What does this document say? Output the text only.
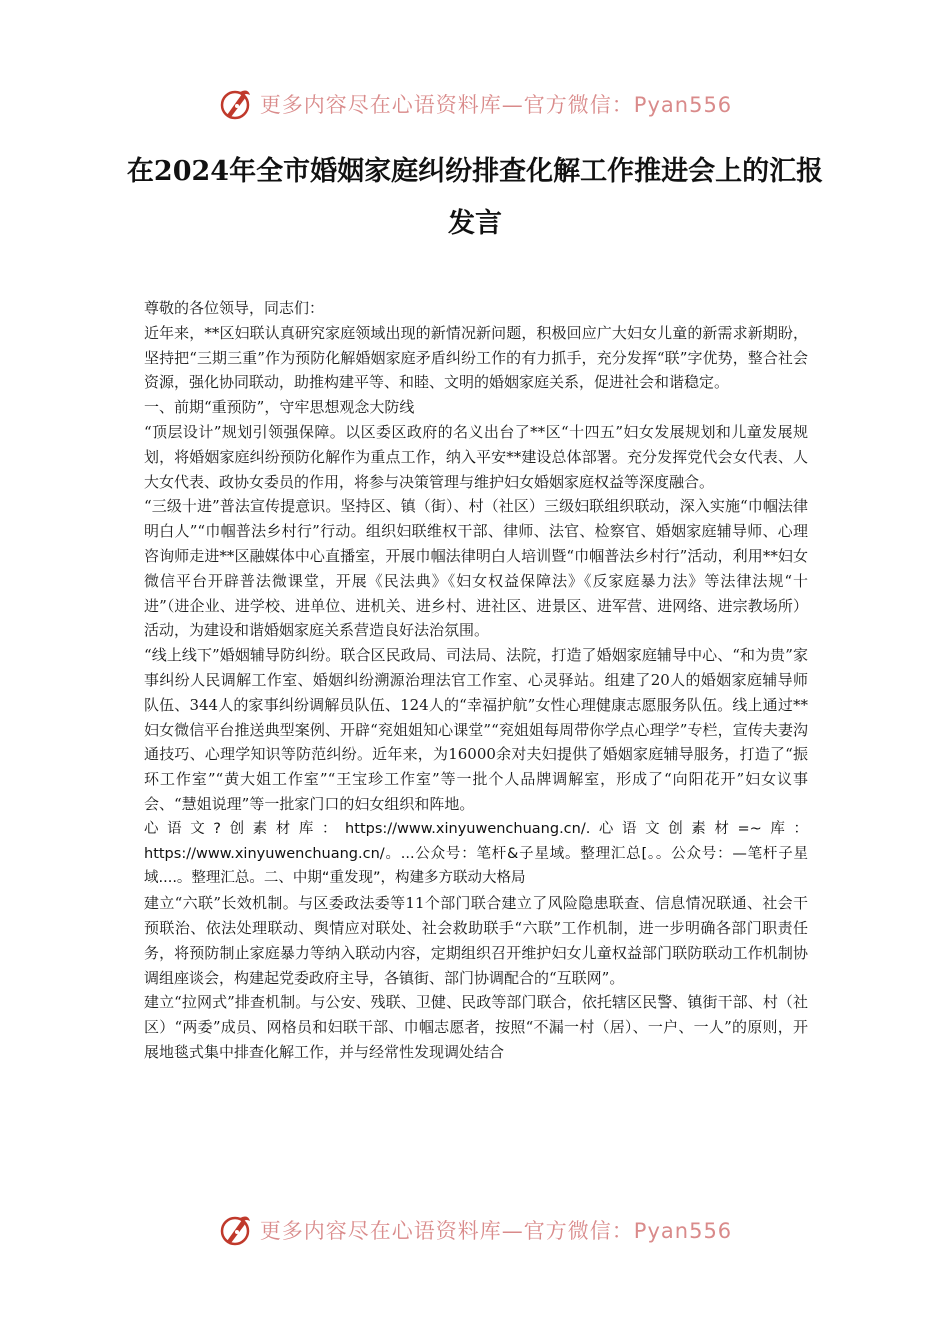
更多内容尽在心语资料库—官方微信：Pyan556
在2024年全市婚姻家庭纠纷排查化解工作推进会上的汇报发言

尊敬的各位领导，同志们：

近年来，**区妇联认真研究家庭领域出现的新情况新问题，积极回应广大妇女儿童的新需求新期盼，坚持把“三期三重”作为预防化解婚姻家庭矛盾纠纷工作的有力抓手，充分发挥“联”字优势，整合社会资源，强化协同联动，助推构建平等、和睦、文明的婚姻家庭关系，促进社会和谐稳定。

一、前期“重预防”，守牢思想观念大防线

“顶层设计”规划引领强保障。以区委区政府的名义出台了**区“十四五”妇女发展规划和儿童发展规划，将婚姻家庭纠纷预防化解作为重点工作，纳入平安**建设总体部署。充分发挥党代会女代表、人大女代表、政协女委员的作用，将参与决策管理与维护妇女婚姻家庭权益等深度融合。

“三级十进”普法宣传提意识。坚持区、镇（街）、村（社区）三级妇联组织联动，深入实施“巾帼法律明白人”“巾帼普法乡村行”行动。组织妇联维权干部、律师、法官、检察官、婚姻家庭辅导师、心理咨询师走进**区融媒体中心直播室，开展巾帼法律明白人培训暨“巾帼普法乡村行”活动，利用**妇女微信平台开辟普法微课堂，开展《民法典》《妇女权益保障法》《反家庭暴力法》等法律法规“十进”（进企业、进学校、进单位、进机关、进乡村、进社区、进景区、进军营、进网络、进宗教场所）活动，为建设和谐婚姻家庭关系营造良好法治氛围。

“线上线下”婚姻辅导防纠纷。联合区民政局、司法局、法院，打造了婚姻家庭辅导中心、“和为贵”家事纠纷人民调解工作室、婚姻纠纷溯源治理法官工作室、心灵驿站。组建了20人的婚姻家庭辅导师队伍、344人的家事纠纷调解员队伍、124人的“幸福护航”女性心理健康志愿服务队伍。线上通过**妇女微信平台推送典型案例、开辟“兖姐姐知心课堂”“兖姐姐每周带你学点心理学”专栏，宣传夫妻沟通技巧、心理学知识等防范纠纷。近年来，为16000余对夫妇提供了婚姻家庭辅导服务，打造了“振环工作室”“黄大姐工作室”“王宝珍工作室”等一批个人品牌调解室，形成了“向阳花开”妇女议事会、“慧姐说理”等一批家门口的妇女组织和阵地。

心语文?创素材库：https://www.xinyuwenchuang.cn/.心语文创素材=~库：https://www.xinyuwenchuang.cn/。...公众号：笔杆&子星域。整理汇总[。。公众号：—笔杆子星域....。整理汇总。二、中期“重发现”，构建多方联动大格局

建立“六联”长效机制。与区委政法委等11个部门联合建立了风险隐患联查、信息情况联通、社会干预联治、依法处理联动、舆情应对联处、社会救助联手“六联”工作机制，进一步明确各部门职责任务，将预防制止家庭暴力等纳入联动内容，定期组织召开维护妇女儿童权益部门联防联动工作机制协调组座谈会，构建起党委政府主导，各镇街、部门协调配合的“互联网”。

建立“拉网式”排查机制。与公安、残联、卫健、民政等部门联合，依托辖区民警、镇街干部、村（社区）“两委”成员、网格员和妇联干部、巾帼志愿者，按照“不漏一村（居）、一户、一人”的原则，开展地毯式集中排查化解工作，并与经常性发现调处结合

更多内容尽在心语资料库—官方微信：Pyan556
